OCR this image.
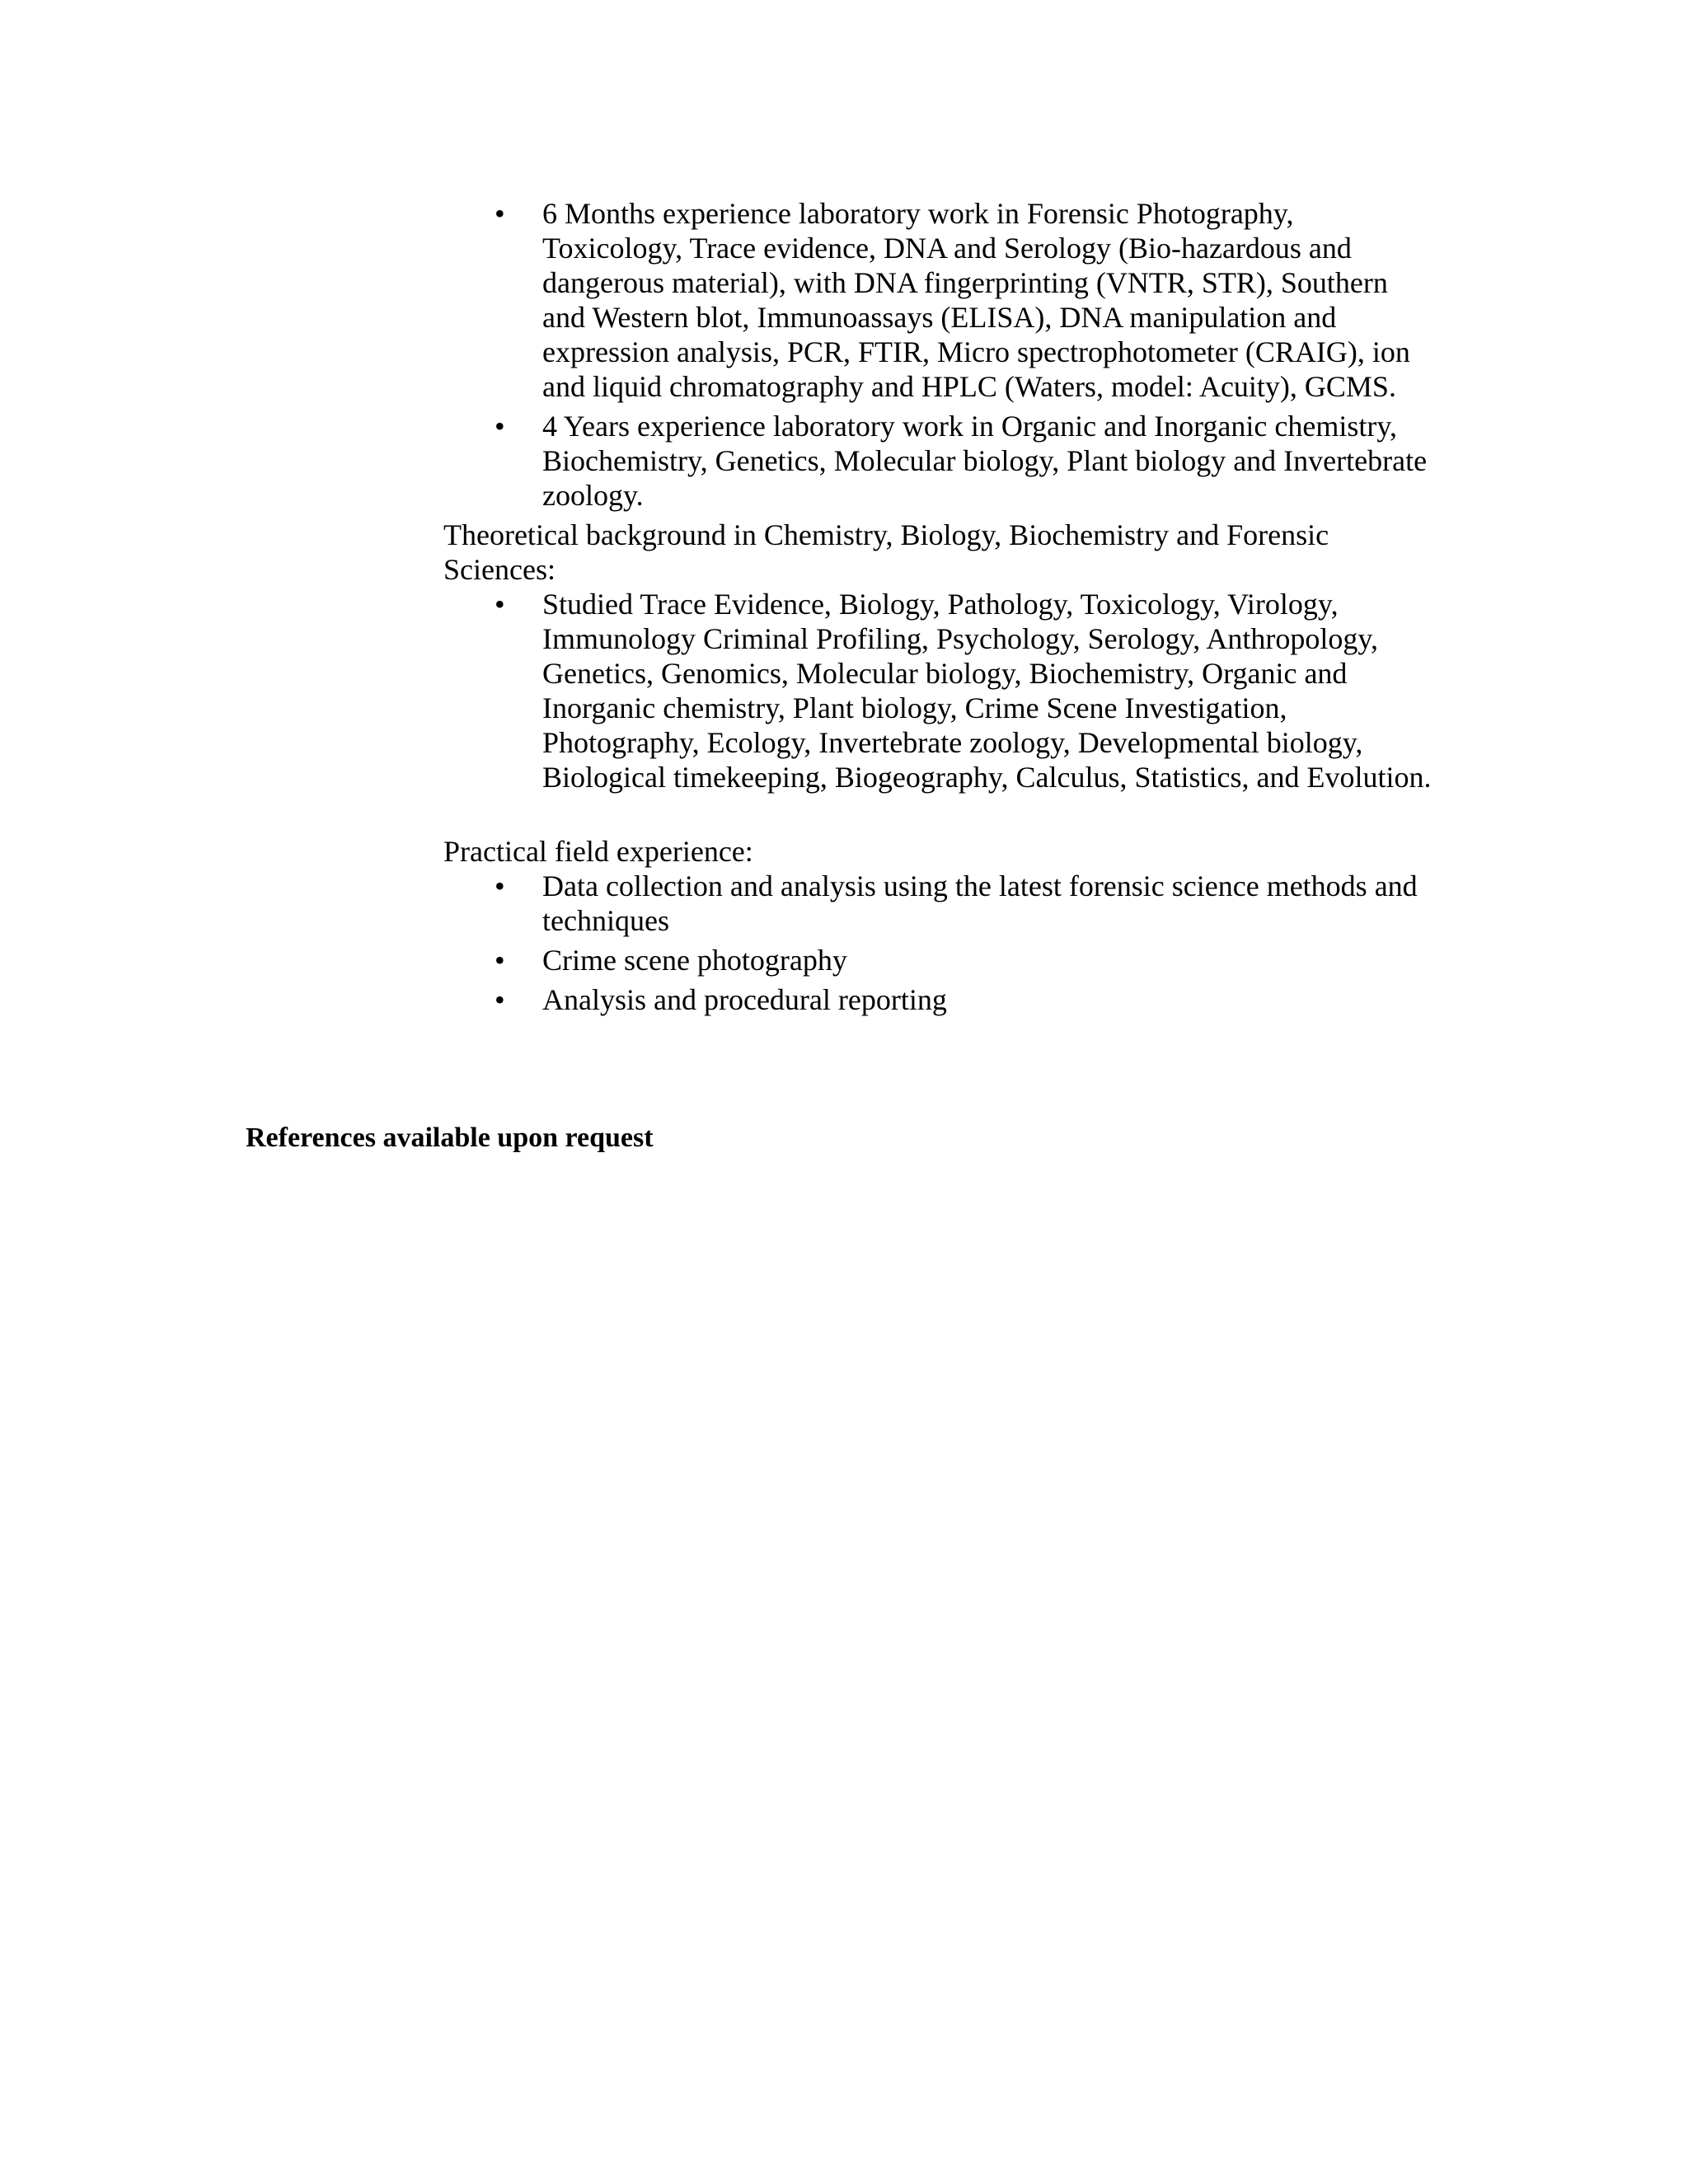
• 6 Months experience laboratory work in Forensic Photography, Toxicology, Trace evidence, DNA and Serology (Bio-hazardous and dangerous material), with DNA fingerprinting (VNTR, STR), Southern and Western blot, Immunoassays (ELISA), DNA manipulation and expression analysis, PCR, FTIR, Micro spectrophotometer (CRAIG), ion and liquid chromatography and HPLC (Waters, model: Acuity), GCMS.
• 4 Years experience laboratory work in Organic and Inorganic chemistry, Biochemistry, Genetics, Molecular biology, Plant biology and Invertebrate zoology.

Theoretical background in Chemistry, Biology, Biochemistry and Forensic Sciences:

• Studied Trace Evidence, Biology, Pathology, Toxicology, Virology, Immunology Criminal Profiling, Psychology, Serology, Anthropology, Genetics, Genomics, Molecular biology, Biochemistry, Organic and Inorganic chemistry, Plant biology, Crime Scene Investigation, Photography, Ecology, Invertebrate zoology, Developmental biology, Biological timekeeping, Biogeography, Calculus, Statistics, and Evolution.

Practical field experience:

• Data collection and analysis using the latest forensic science methods and techniques
• Crime scene photography
• Analysis and procedural reporting
References available upon request
